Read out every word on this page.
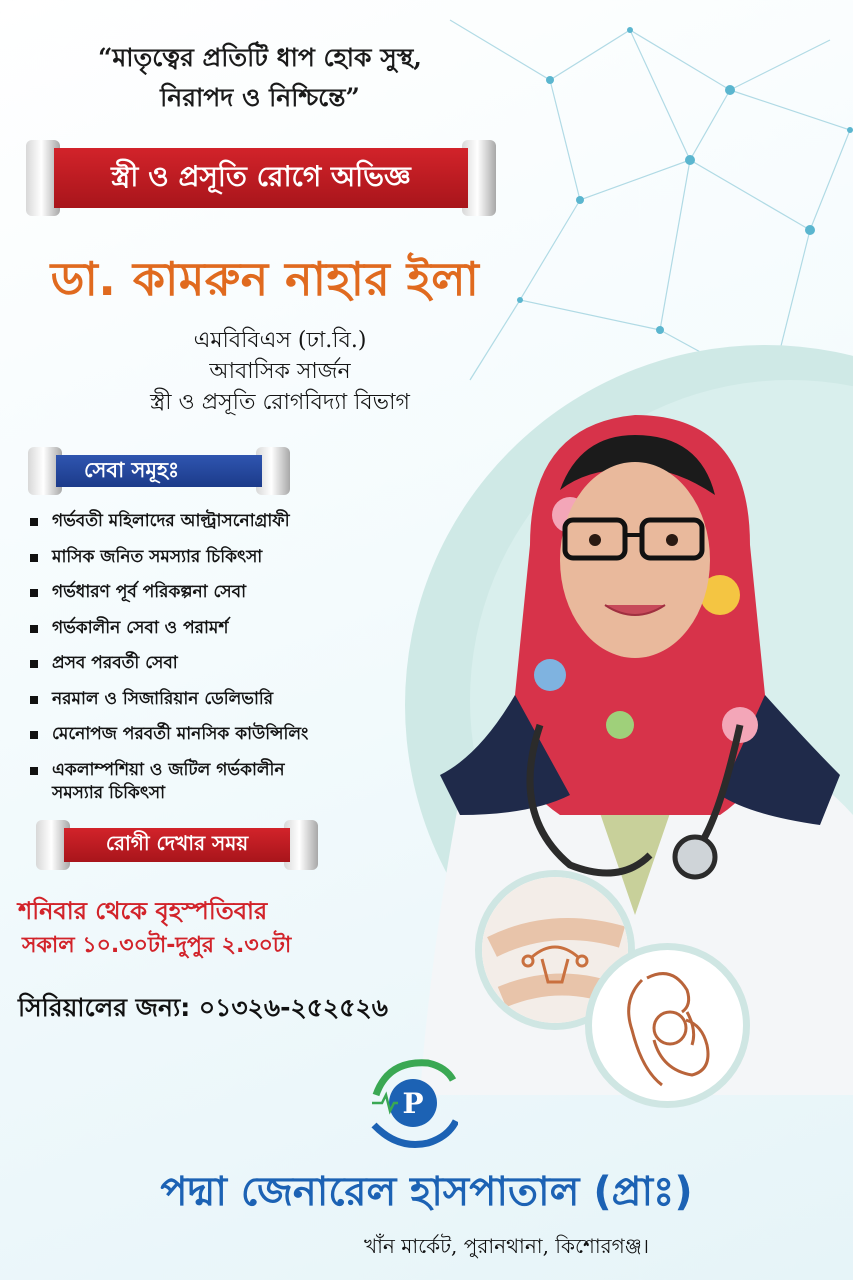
“মাতৃত্বের প্রতিটি ধাপ হোক সুস্থ,
নিরাপদ ও নিশ্চিন্তে”
স্ত্রী ও প্রসূতি রোগে অভিজ্ঞ
ডা. কামরুন নাহার ইলা
এমবিবিএস (ঢা.বি.)
আবাসিক সার্জন
স্ত্রী ও প্রসূতি রোগবিদ্যা বিভাগ
সেবা সমূহঃ
গর্ভবতী মহিলাদের আল্ট্রাসনোগ্রাফী
মাসিক জনিত সমস্যার চিকিৎসা
গর্ভধারণ পূর্ব পরিকল্পনা সেবা
গর্ভকালীন সেবা ও পরামর্শ
প্রসব পরবর্তী সেবা
নরমাল ও সিজারিয়ান ডেলিভারি
মেনোপজ পরবর্তী মানসিক কাউন্সিলিং
একলাম্পশিয়া ও জটিল গর্ভকালীন সমস্যার চিকিৎসা
রোগী দেখার সময়
শনিবার থেকে বৃহস্পতিবার
সকাল ১০.৩০টা-দুপুর ২.৩০টা
সিরিয়ালের জন্য: ০১৩২৬-২৫২৫২৬
P
পদ্মা জেনারেল হাসপাতাল (প্রাঃ)
খাঁন মার্কেট, পুরানথানা, কিশোরগঞ্জ।
